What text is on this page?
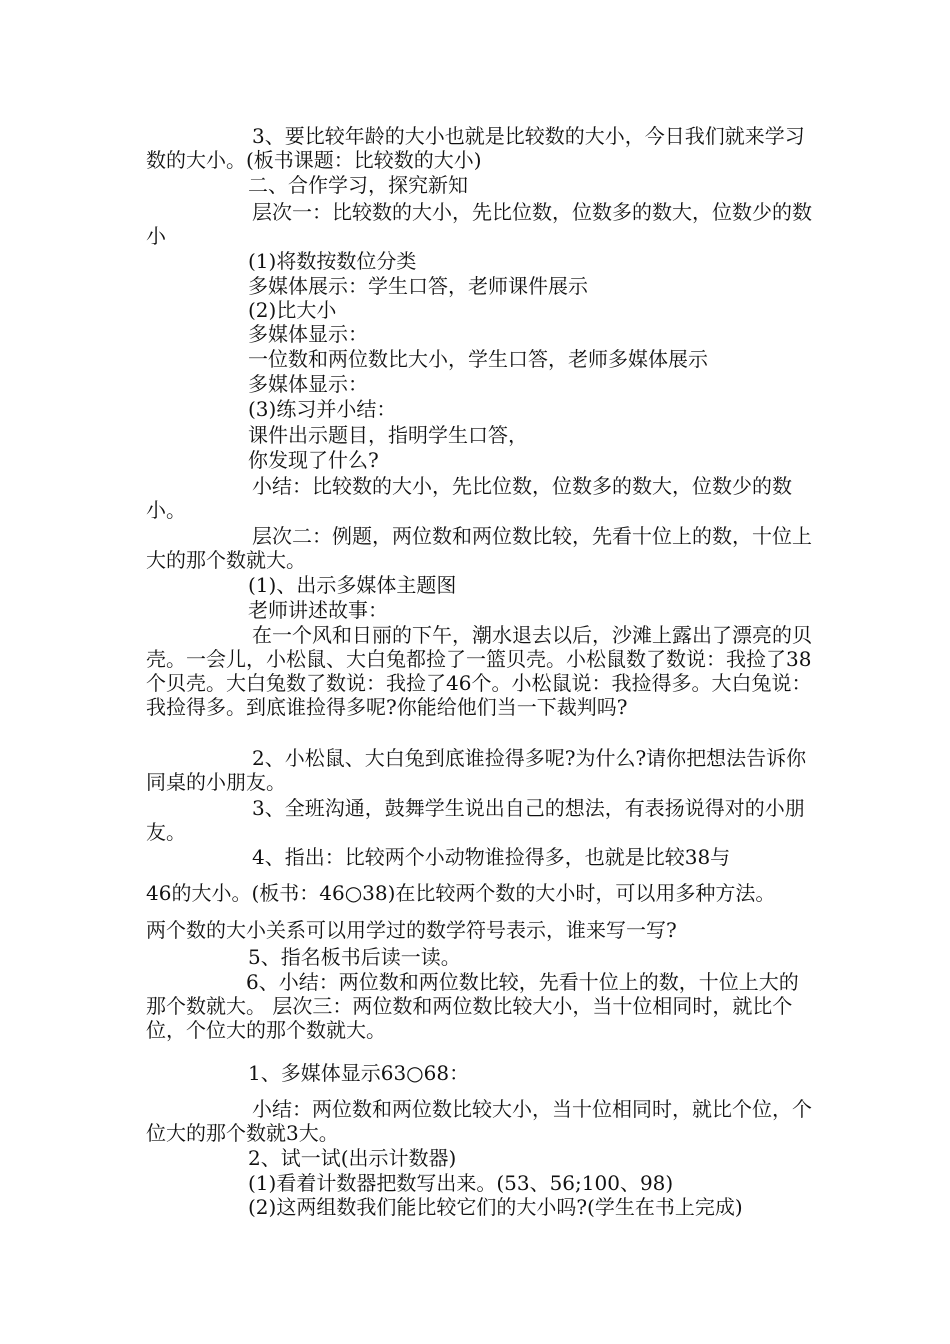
3、要比较年龄的大小也就是比较数的大小，今日我们就来学习数的大小。(板书课题：比较数的大小)

二、合作学习，探究新知

层次一：比较数的大小，先比位数，位数多的数大，位数少的数小

(1)将数按数位分类

多媒体展示：学生口答，老师课件展示

(2)比大小

多媒体显示：

一位数和两位数比大小，学生口答，老师多媒体展示

多媒体显示：

(3)练习并小结：

课件出示题目，指明学生口答，

你发现了什么?

小结：比较数的大小，先比位数，位数多的数大，位数少的数小。

层次二：例题，两位数和两位数比较，先看十位上的数，十位上大的那个数就大。

(1)、出示多媒体主题图

老师讲述故事：

在一个风和日丽的下午，潮水退去以后，沙滩上露出了漂亮的贝壳。一会儿，小松鼠、大白兔都捡了一篮贝壳。小松鼠数了数说：我捡了38个贝壳。大白兔数了数说：我捡了46个。小松鼠说：我捡得多。大白兔说：我捡得多。到底谁捡得多呢?你能给他们当一下裁判吗?

2、小松鼠、大白兔到底谁捡得多呢?为什么?请你把想法告诉你同桌的小朋友。

3、全班沟通，鼓舞学生说出自己的想法，有表扬说得对的小朋友。

4、指出：比较两个小动物谁捡得多，也就是比较38与

46的大小。(板书：46○38)在比较两个数的大小时，可以用多种方法。

两个数的大小关系可以用学过的数学符号表示，谁来写一写?

5、指名板书后读一读。

6、小结：两位数和两位数比较，先看十位上的数，十位上大的那个数就大。 层次三：两位数和两位数比较大小，当十位相同时，就比个位，个位大的那个数就大。

1、多媒体显示63○68：

小结：两位数和两位数比较大小，当十位相同时，就比个位，个位大的那个数就3大。

2、试一试(出示计数器)

(1)看着计数器把数写出来。(53、56;100、98)

(2)这两组数我们能比较它们的大小吗?(学生在书上完成)
